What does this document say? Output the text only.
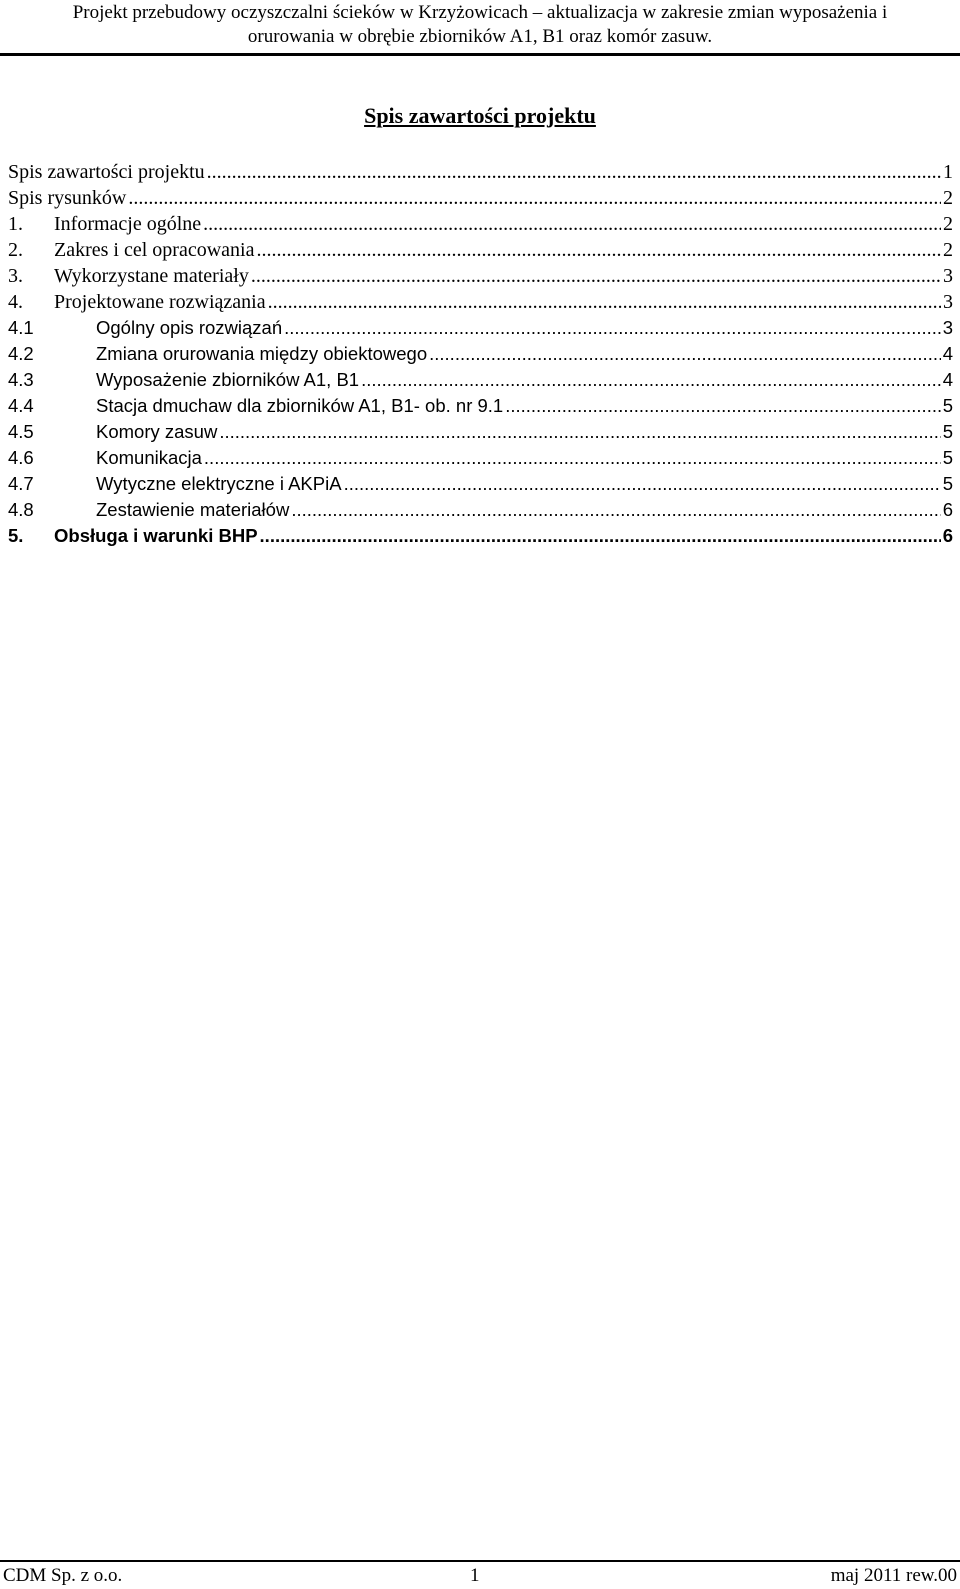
Projekt przebudowy oczyszczalni ścieków w Krzyżowicach – aktualizacja w zakresie zmian wyposażenia i
orurowania w obrębie zbiorników A1, B1 oraz komór zasuw.
Spis zawartości projektu
Spis zawartości projektu .....	1
Spis rysunków .....	2
1.	Informacje ogólne .....	2
2.	Zakres i cel opracowania .....	2
3.	Wykorzystane materiały .....	3
4.	Projektowane rozwiązania .....	3
4.1	Ogólny opis rozwiązań .....	3
4.2	Zmiana orurowania między obiektowego .....	4
4.3	Wyposażenie zbiorników A1, B1 .....	4
4.4	Stacja dmuchaw dla zbiorników A1, B1- ob. nr 9.1 .....	5
4.5	Komory zasuw .....	5
4.6	Komunikacja .....	5
4.7	Wytyczne elektryczne i AKPiA .....	5
4.8	Zestawienie materiałów .....	6
5.	Obsługa i warunki BHP .....	6
CDM Sp. z o.o.	1	maj 2011 rew.00
